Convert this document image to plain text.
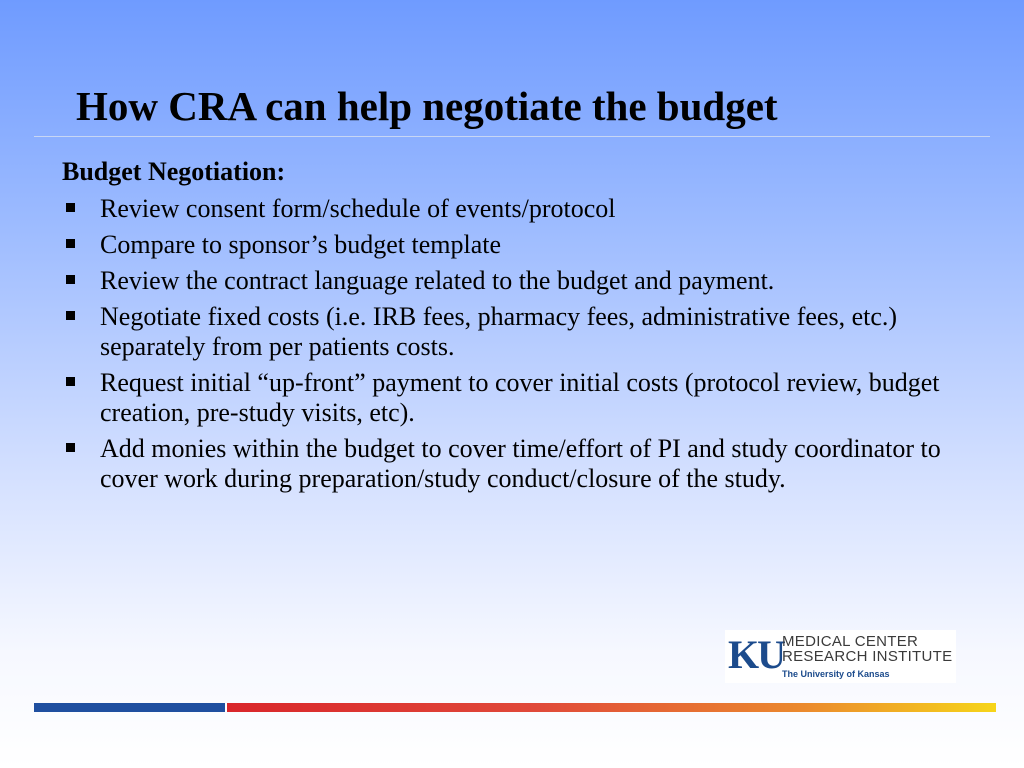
How CRA can help negotiate the budget
Budget Negotiation:
Review consent form/schedule of events/protocol
Compare to sponsor’s budget template
Review the contract language related to the budget and payment.
Negotiate fixed costs (i.e. IRB fees, pharmacy fees, administrative fees, etc.) separately from per patients costs.
Request initial “up-front” payment to cover initial costs (protocol review, budget creation, pre-study visits, etc).
Add monies within the budget to cover time/effort of PI and study coordinator to cover work during preparation/study conduct/closure of the study.
KU
MEDICAL CENTER
RESEARCH INSTITUTE
The University of Kansas
